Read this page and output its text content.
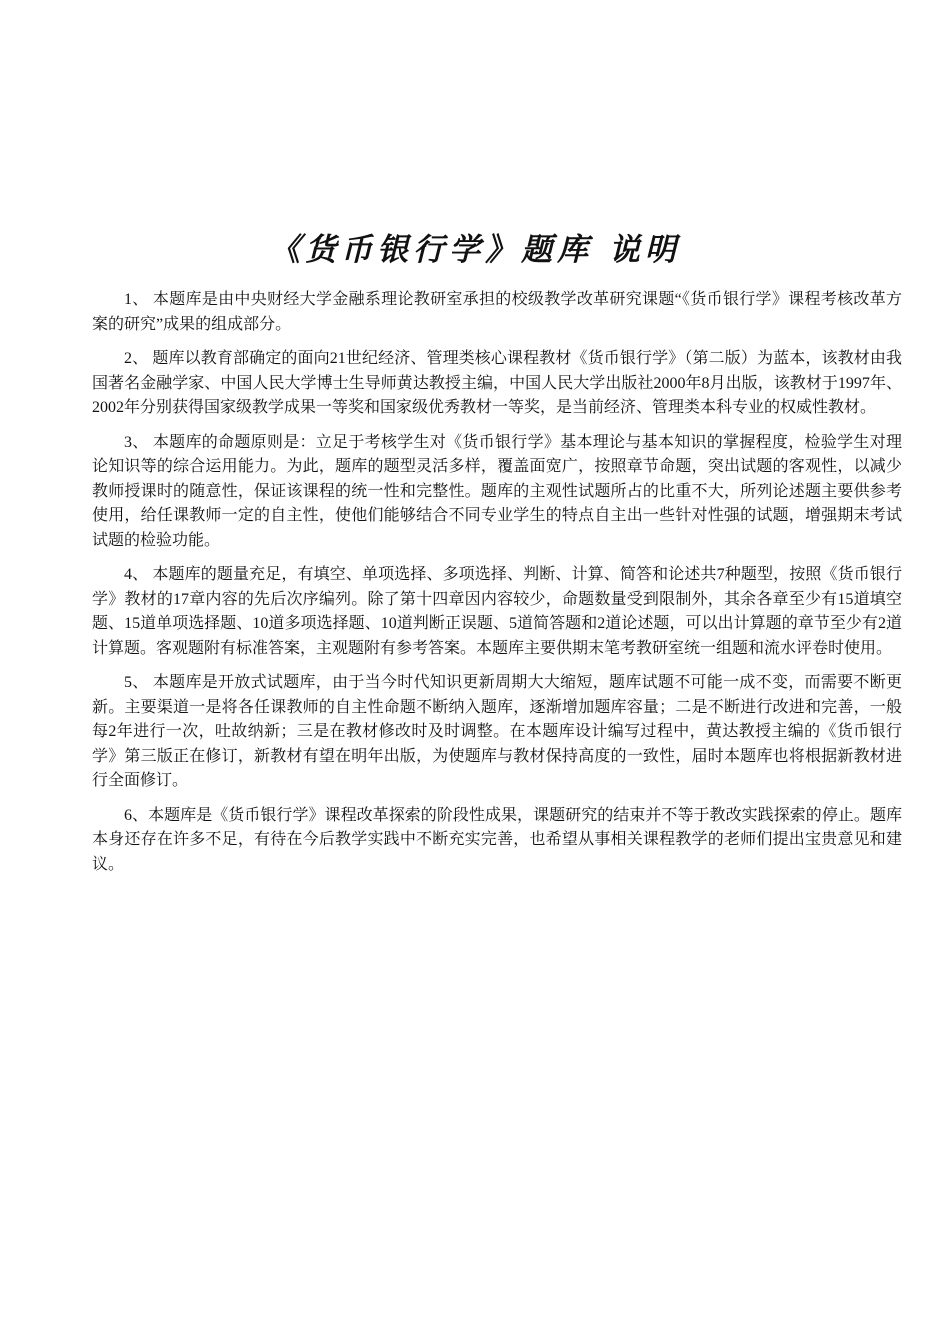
《货币银行学》题库 说明

1、 本题库是由中央财经大学金融系理论教研室承担的校级教学改革研究课题“《货币银行学》课程考核改革方案的研究”成果的组成部分。

2、 题库以教育部确定的面向21世纪经济、管理类核心课程教材《货币银行学》（第二版）为蓝本，该教材由我国著名金融学家、中国人民大学博士生导师黄达教授主编，中国人民大学出版社2000年8月出版，该教材于1997年、2002年分别获得国家级教学成果一等奖和国家级优秀教材一等奖，是当前经济、管理类本科专业的权威性教材。

3、 本题库的命题原则是：立足于考核学生对《货币银行学》基本理论与基本知识的掌握程度，检验学生对理论知识等的综合运用能力。为此，题库的题型灵活多样，覆盖面宽广，按照章节命题，突出试题的客观性，以减少教师授课时的随意性，保证该课程的统一性和完整性。题库的主观性试题所占的比重不大，所列论述题主要供参考使用，给任课教师一定的自主性，使他们能够结合不同专业学生的特点自主出一些针对性强的试题，增强期末考试试题的检验功能。

4、 本题库的题量充足，有填空、单项选择、多项选择、判断、计算、简答和论述共7种题型，按照《货币银行学》教材的17章内容的先后次序编列。除了第十四章因内容较少，命题数量受到限制外，其余各章至少有15道填空题、15道单项选择题、10道多项选择题、10道判断正误题、5道简答题和2道论述题，可以出计算题的章节至少有2道计算题。客观题附有标准答案，主观题附有参考答案。本题库主要供期末笔考教研室统一组题和流水评卷时使用。

5、 本题库是开放式试题库，由于当今时代知识更新周期大大缩短，题库试题不可能一成不变，而需要不断更新。主要渠道一是将各任课教师的自主性命题不断纳入题库，逐渐增加题库容量；二是不断进行改进和完善，一般每2年进行一次，吐故纳新；三是在教材修改时及时调整。在本题库设计编写过程中，黄达教授主编的《货币银行学》第三版正在修订，新教材有望在明年出版，为使题库与教材保持高度的一致性，届时本题库也将根据新教材进行全面修订。

6、本题库是《货币银行学》课程改革探索的阶段性成果，课题研究的结束并不等于教改实践探索的停止。题库本身还存在许多不足，有待在今后教学实践中不断充实完善，也希望从事相关课程教学的老师们提出宝贵意见和建议。
